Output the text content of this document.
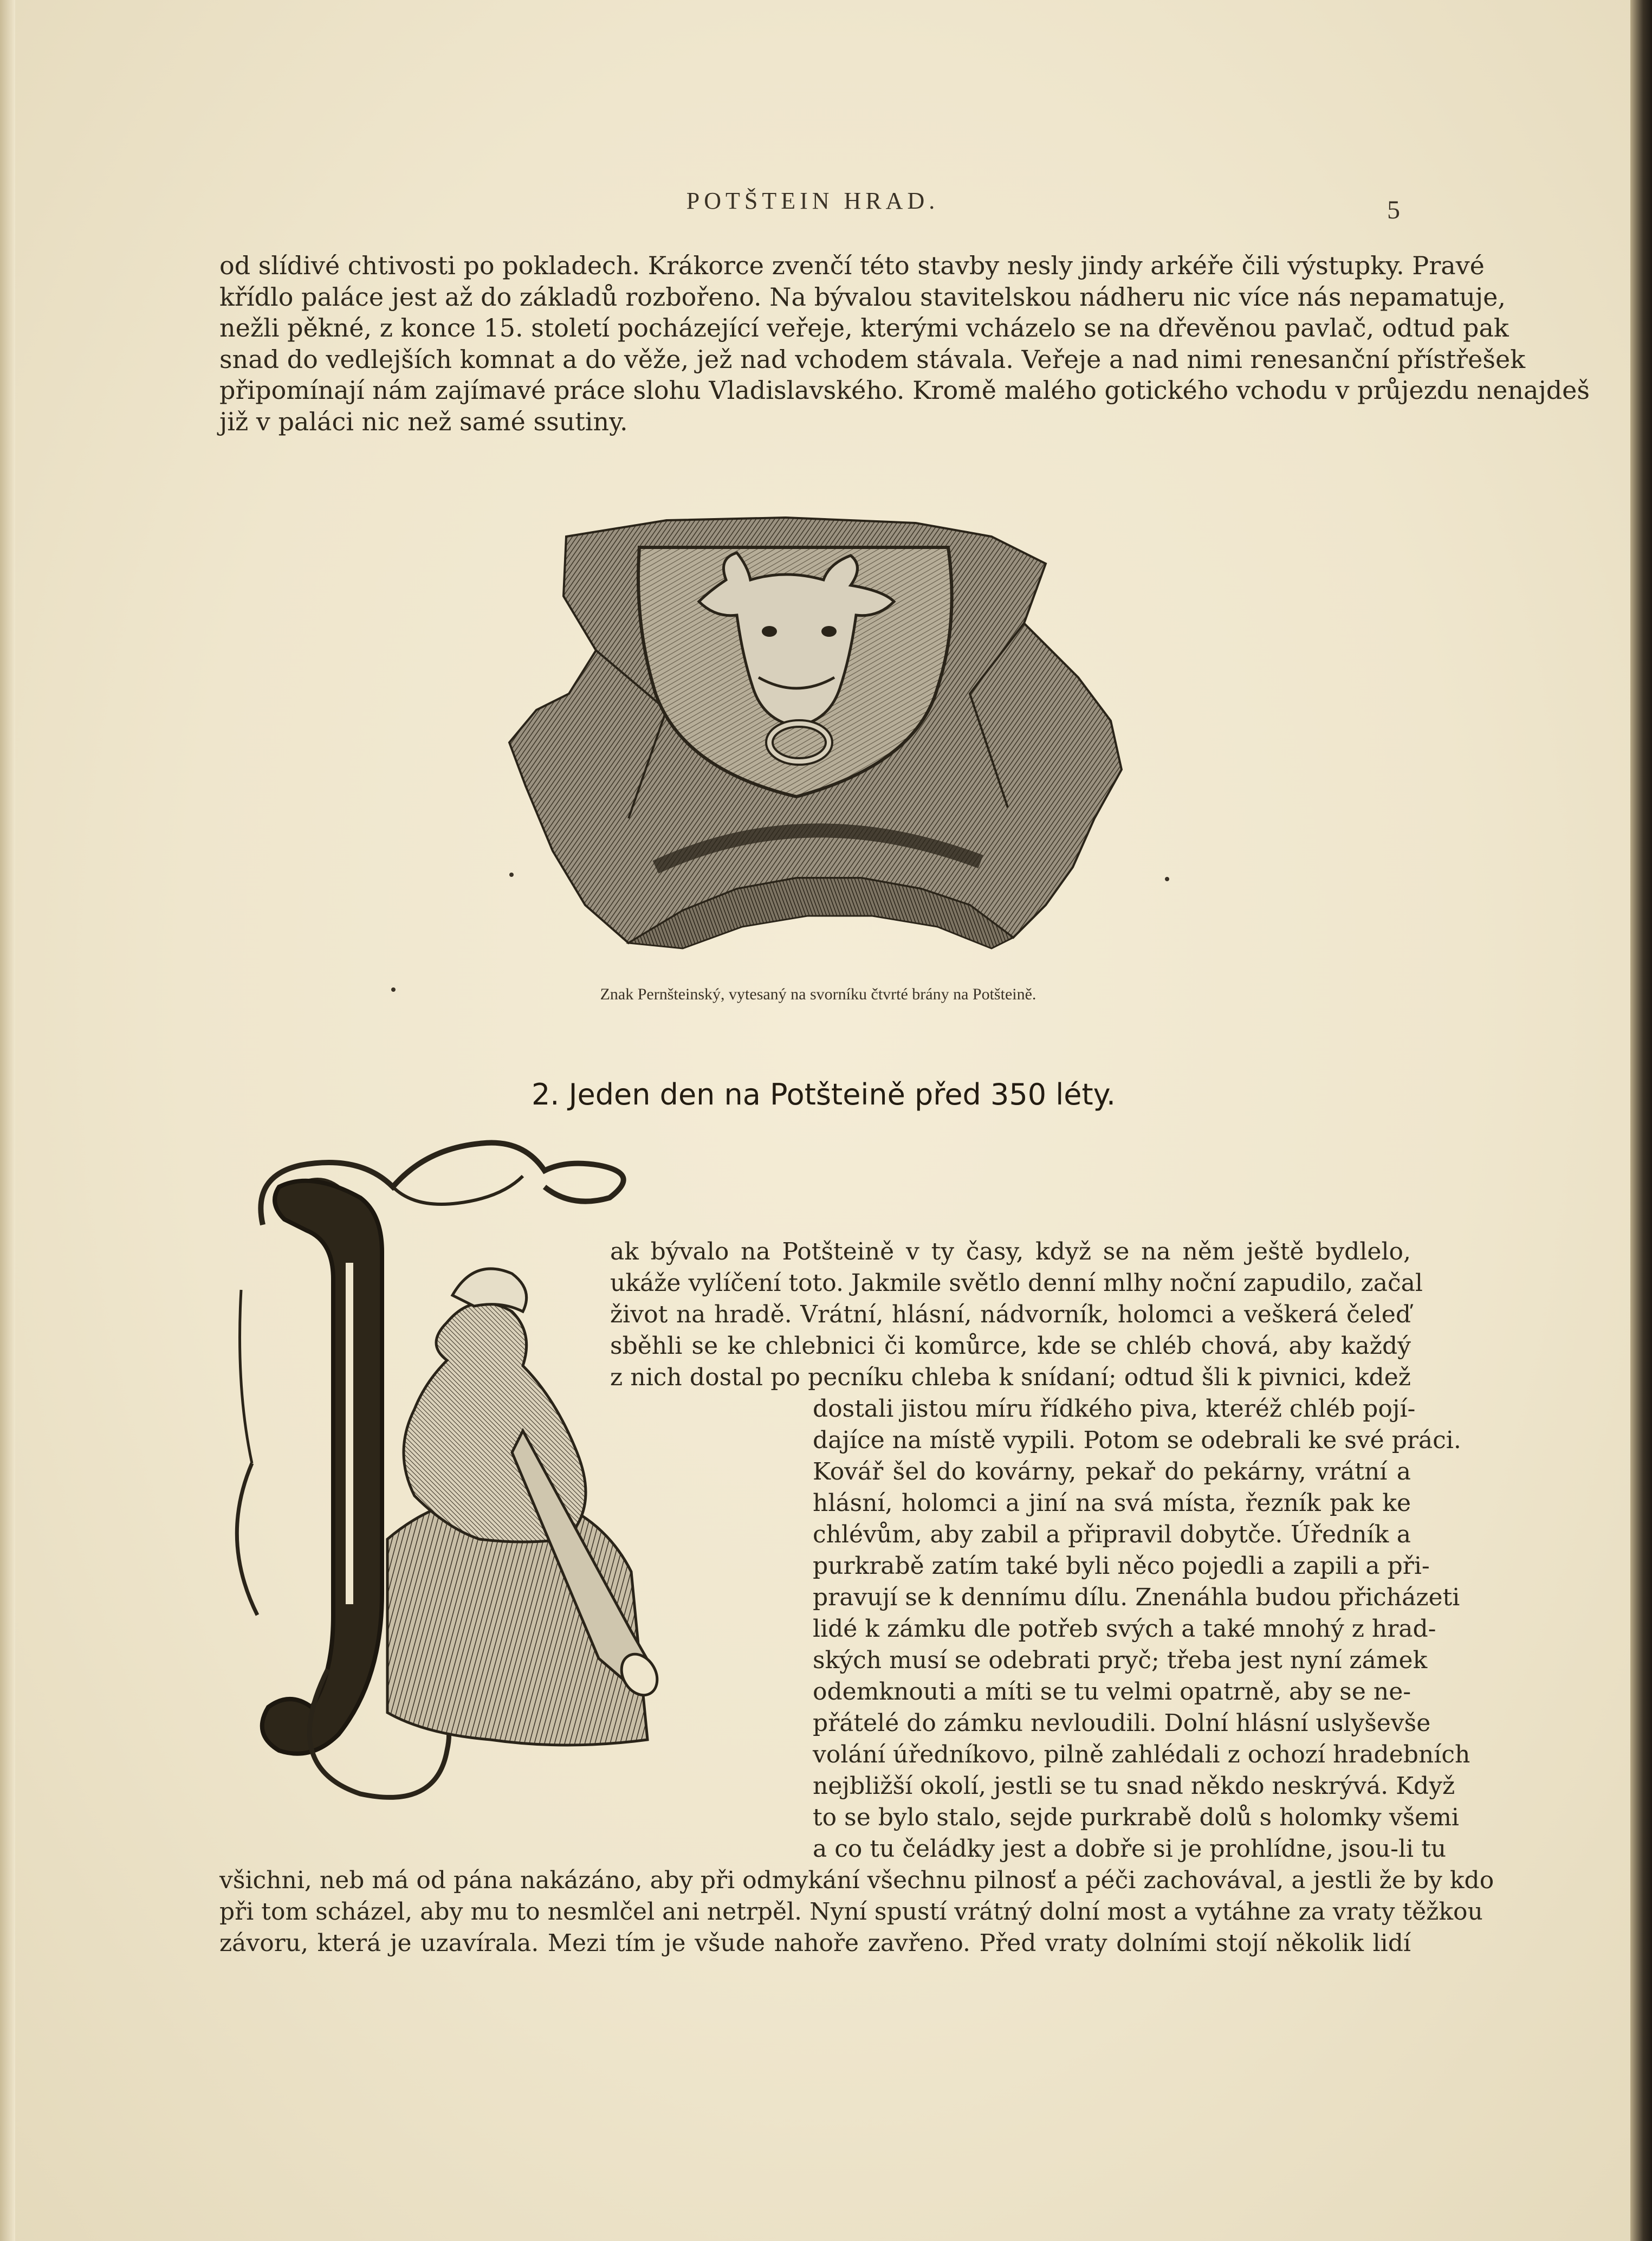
POTŠTEIN HRAD.	5
od slídivé chtivosti po pokladech. Krákorce zvenčí této stavby nesly jindy arkéře čili výstupky. Pravé
křídlo paláce jest až do základů rozbořeno. Na bývalou stavitelskou nádheru nic více nás nepamatuje,
nežli pěkné, z konce 15. století pocházející veřeje, kterými vcházelo se na dřevěnou pavlač, odtud pak
snad do vedlejších komnat a do věže, jež nad vchodem stávala. Veřeje a nad nimi renesanční přístřešek
připomínají nám zajímavé práce slohu Vladislavského. Kromě malého gotického vchodu v průjezdu nenajdeš
již v paláci nic než samé ssutiny.
Znak Pernšteinský, vytesaný na svorníku čtvrté brány na Potšteině.
2. Jeden den na Potšteině před 350 léty.
ak bývalo na Potšteině v ty časy, když se na něm ještě bydlelo,
ukáže vylíčení toto. Jakmile světlo denní mlhy noční zapudilo, začal
život na hradě. Vrátní, hlásní, nádvorník, holomci a veškerá čeleď
sběhli se ke chlebnici či komůrce, kde se chléb chová, aby každý
z nich dostal po pecníku chleba k snídaní; odtud šli k pivnici, kdež
dostali jistou míru řídkého piva, kteréž chléb pojí-
dajíce na místě vypili. Potom se odebrali ke své práci.
Kovář šel do kovárny, pekař do pekárny, vrátní a
hlásní, holomci a jiní na svá místa, řezník pak ke
chlévům, aby zabil a připravil dobytče. Úředník a
purkrabě zatím také byli něco pojedli a zapili a při-
pravují se k dennímu dílu. Znenáhla budou přicházeti
lidé k zámku dle potřeb svých a také mnohý z hrad-
ských musí se odebrati pryč; třeba jest nyní zámek
odemknouti a míti se tu velmi opatrně, aby se ne-
přátelé do zámku nevloudili. Dolní hlásní uslyševše
volání úředníkovo, pilně zahlédali z ochozí hradebních
nejbližší okolí, jestli se tu snad někdo neskrývá. Když
to se bylo stalo, sejde purkrabě dolů s holomky všemi
a co tu čeládky jest a dobře si je prohlídne, jsou-li tu
všichni, neb má od pána nakázáno, aby při odmykání všechnu pilnosť a péči zachovával, a jestli že by kdo
při tom scházel, aby mu to nesmlčel ani netrpěl. Nyní spustí vrátný dolní most a vytáhne za vraty těžkou
závoru, která je uzavírala. Mezi tím je všude nahoře zavřeno. Před vraty dolními stojí několik lidí
